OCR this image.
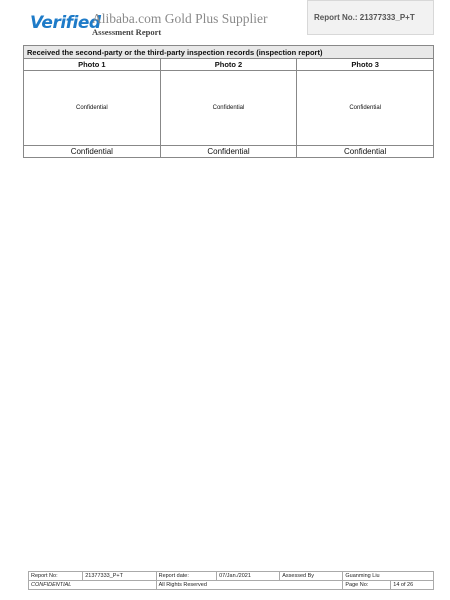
Verified
Alibaba.com Gold Plus Supplier
Assessment Report
Report No.: 21377333_P+T
Received the second-party or the third-party inspection records (inspection report)		
Photo 1	Photo 2	Photo 3
Confidential	Confidential	Confidential
Confidential	Confidential	Confidential
Report No:	21377333_P+T	Report date:	07/Jan./2021	Assessed By	Guanming Liu	
CONFIDENTIAL		All Rights Reserved			Page No:	14 of 26
